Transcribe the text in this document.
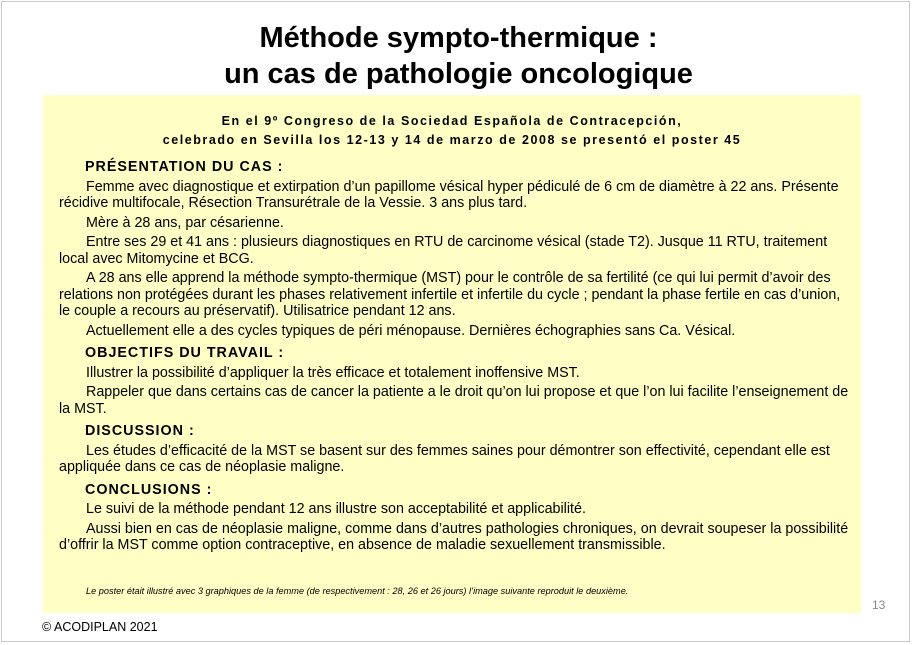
Méthode sympto-thermique :
un cas de pathologie oncologique
En el 9º Congreso de la Sociedad Española de Contracepción,
celebrado en Sevilla los 12-13 y 14 de marzo de 2008 se presentó el poster 45
PRÉSENTATION DU CAS :
Femme avec diagnostique et extirpation d’un papillome vésical hyper pédiculé de 6 cm de diamètre à 22 ans. Présente récidive multifocale, Résection Transurétrale de la Vessie. 3 ans plus tard.
Mère à 28 ans, par césarienne.
Entre ses 29 et 41 ans : plusieurs diagnostiques en RTU de carcinome vésical (stade T2). Jusque 11 RTU, traitement local avec Mitomycine et BCG.
A 28 ans elle apprend la méthode sympto-thermique (MST) pour le contrôle de sa fertilité (ce qui lui permit d’avoir des relations non protégées durant les phases relativement infertile et infertile du cycle ; pendant la phase fertile en cas d’union, le couple a recours au préservatif). Utilisatrice pendant 12 ans.
Actuellement elle a des cycles typiques de péri ménopause. Dernières échographies sans Ca. Vésical.
OBJECTIFS DU TRAVAIL :
Illustrer la possibilité d’appliquer la très efficace et totalement inoffensive MST.
Rappeler que dans certains cas de cancer la patiente a le droit qu’on lui propose et que l’on lui facilite l’enseignement de la MST.
DISCUSSION :
Les études d’efficacité de la MST se basent sur des femmes saines pour démontrer son effectivité, cependant elle est appliquée dans ce cas de néoplasie maligne.
CONCLUSIONS :
Le suivi de la méthode pendant 12 ans illustre son acceptabilité et applicabilité.
Aussi bien en cas de néoplasie maligne, comme dans d’autres pathologies chroniques, on devrait soupeser la possibilité d’offrir la MST comme option contraceptive, en absence de maladie sexuellement transmissible.
Le poster était illustré avec 3 graphiques de la femme (de respectivement : 28, 26 et 26 jours) l’image suivante reproduit le deuxième.
13
© ACODIPLAN 2021
